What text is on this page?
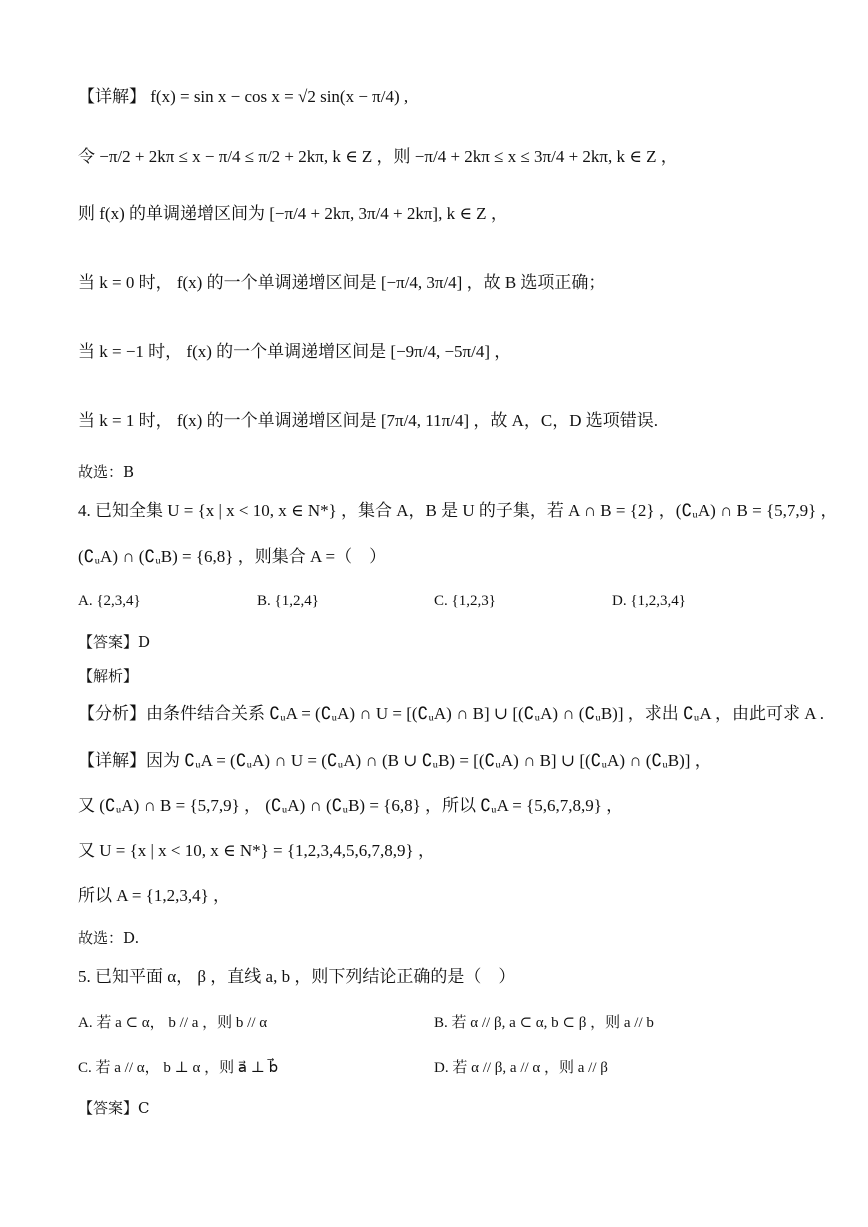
【详解】 f(x) = sin x − cos x = √2 sin(x − π/4) ,
令 −π/2 + 2kπ ≤ x − π/4 ≤ π/2 + 2kπ, k ∈ Z ，则 −π/4 + 2kπ ≤ x ≤ 3π/4 + 2kπ, k ∈ Z ，
则 f(x) 的单调递增区间为 [−π/4 + 2kπ, 3π/4 + 2kπ], k ∈ Z ，
当 k = 0 时， f(x) 的一个单调递增区间是 [−π/4, 3π/4] ，故 B 选项正确；
当 k = −1 时， f(x) 的一个单调递增区间是 [−9π/4, −5π/4] ，
当 k = 1 时， f(x) 的一个单调递增区间是 [7π/4, 11π/4] ，故 A，C，D 选项错误.
故选：B
4. 已知全集 U = {x | x < 10, x ∈ N*} ，集合 A，B 是 U 的子集，若 A ∩ B = {2} ，(∁ᵤA) ∩ B = {5,7,9} ，
(∁ᵤA) ∩ (∁ᵤB) = {6,8} ，则集合 A =（　）
A. {2,3,4}	B. {1,2,4}	C. {1,2,3}	D. {1,2,3,4}
【答案】D
【解析】
【分析】由条件结合关系 ∁ᵤA = (∁ᵤA) ∩ U = [(∁ᵤA) ∩ B] ∪ [(∁ᵤA) ∩ (∁ᵤB)] ，求出 ∁ᵤA ，由此可求 A .
【详解】因为 ∁ᵤA = (∁ᵤA) ∩ U = (∁ᵤA) ∩ (B ∪ ∁ᵤB) = [(∁ᵤA) ∩ B] ∪ [(∁ᵤA) ∩ (∁ᵤB)] ，
又 (∁ᵤA) ∩ B = {5,7,9} ， (∁ᵤA) ∩ (∁ᵤB) = {6,8} ，所以 ∁ᵤA = {5,6,7,8,9} ，
又 U = {x | x < 10, x ∈ N*} = {1,2,3,4,5,6,7,8,9} ，
所以 A = {1,2,3,4} ，
故选：D.
5. 已知平面 α， β ，直线 a, b ，则下列结论正确的是（　）
A. 若 a ⊂ α， b // a ，则 b // α	B. 若 α // β, a ⊂ α, b ⊂ β ，则 a // b
C. 若 a // α， b ⊥ α ，则 a⃗ ⊥ b⃗	D. 若 α // β, a // α ，则 a // β
【答案】C
